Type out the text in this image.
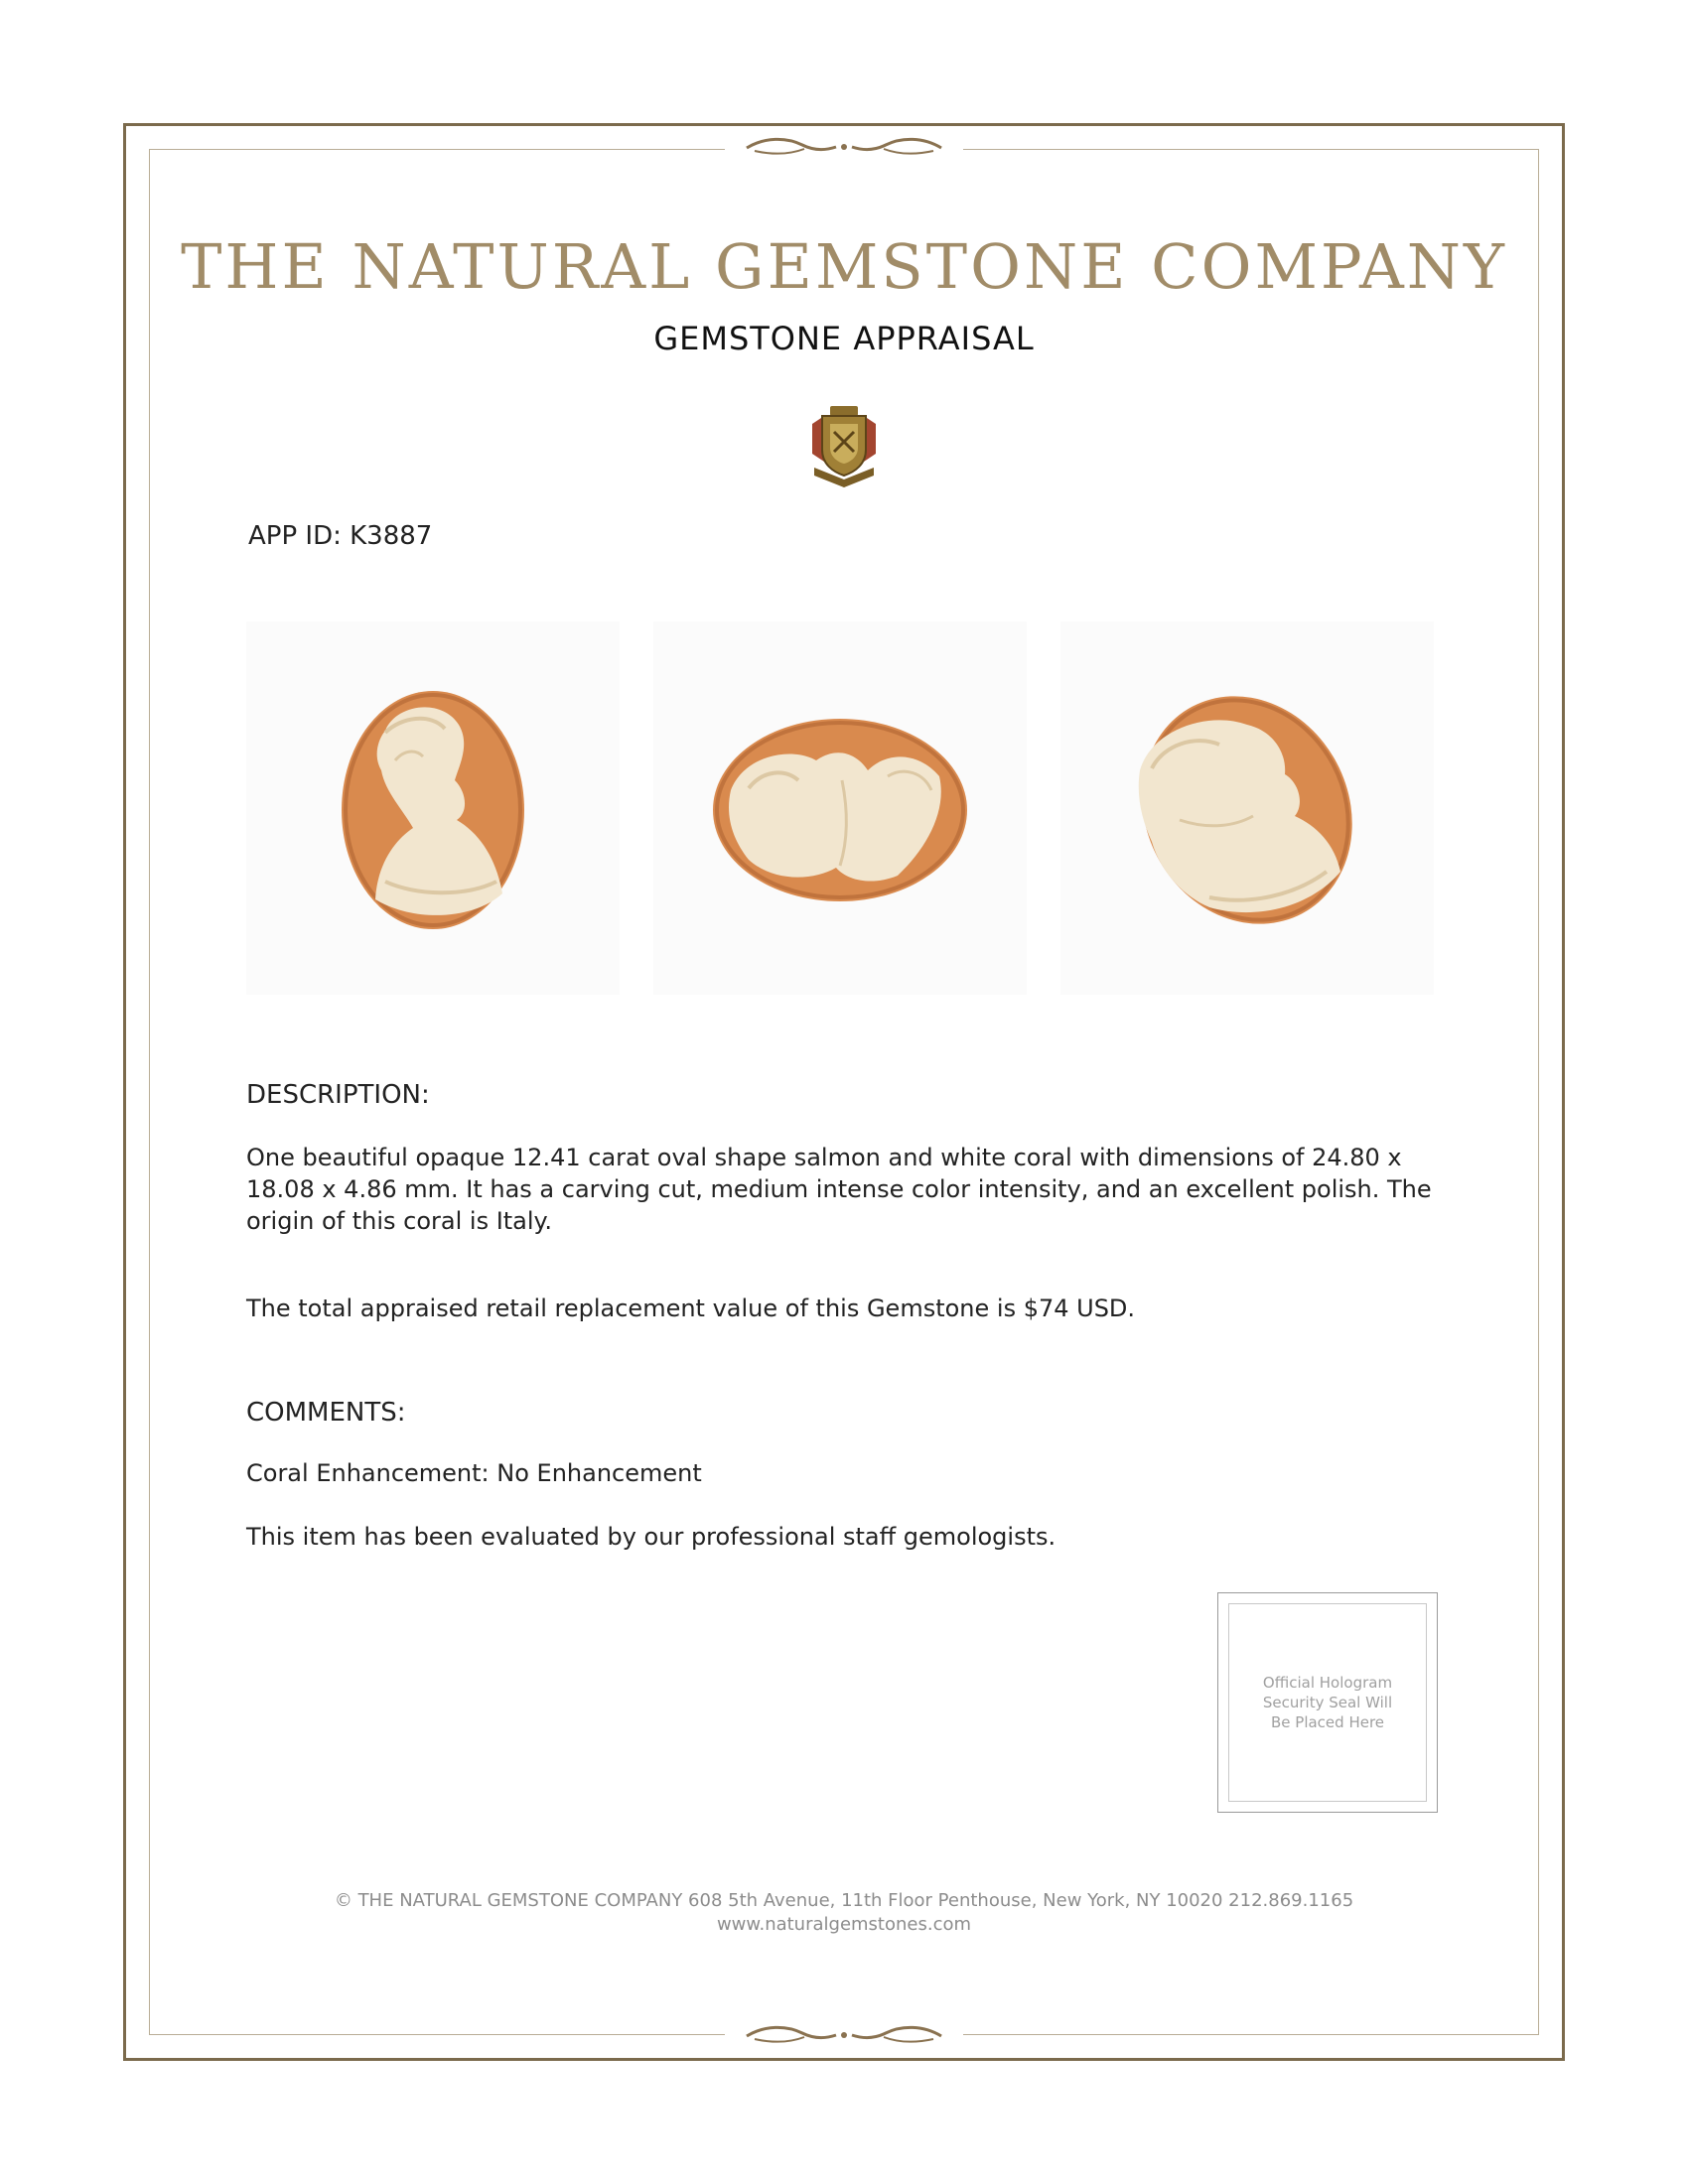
THE NATURAL GEMSTONE COMPANY
GEMSTONE APPRAISAL
APP ID: K3887
DESCRIPTION:

One beautiful opaque 12.41 carat oval shape salmon and white coral with dimensions of 24.80 x 18.08 x 4.86 mm. It has a carving cut, medium intense color intensity, and an excellent polish. The origin of this coral is Italy.

The total appraised retail replacement value of this Gemstone is $74 USD.

COMMENTS:

Coral Enhancement: No Enhancement

This item has been evaluated by our professional staff gemologists.

Official Hologram Security Seal Will Be Placed Here
© THE NATURAL GEMSTONE COMPANY 608 5th Avenue, 11th Floor Penthouse, New York, NY 10020 212.869.1165
www.naturalgemstones.com
